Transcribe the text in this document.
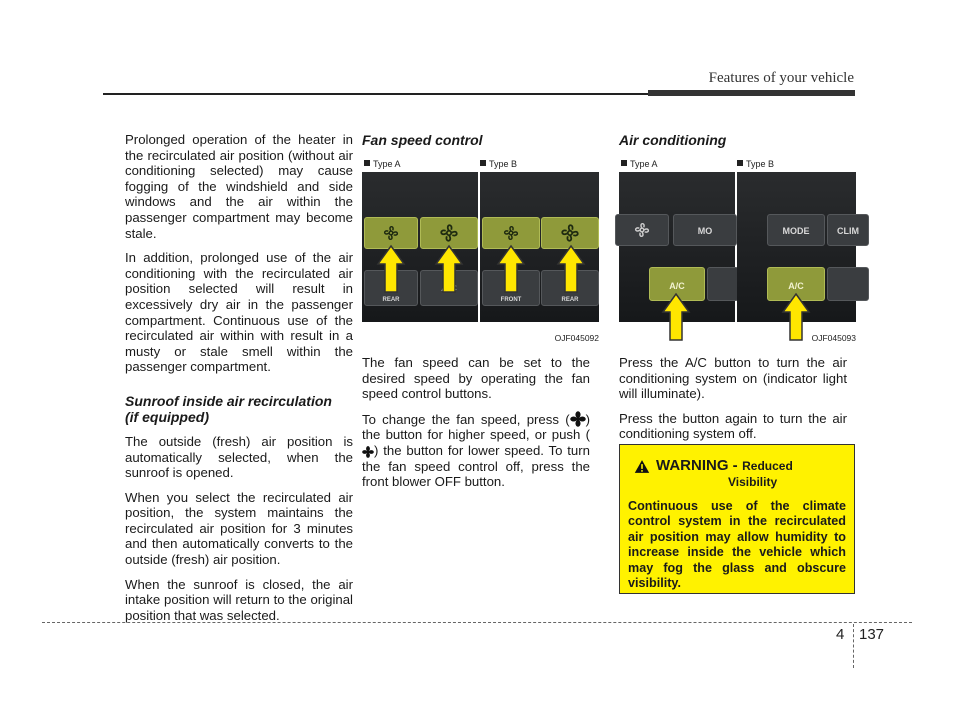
Features of your vehicle

Prolonged operation of the heater in the recirculated air position (without air conditioning selected) may cause fogging of the windshield and side windows and the air within the passenger compartment may become stale.

In addition, prolonged use of the air conditioning with the recirculated air position selected will result in excessively dry air in the passenger compartment. Continuous use of the recirculated air within with result in a musty or stale smell within the passenger compartment.

Sunroof inside air recirculation
(if equipped)

The outside (fresh) air position is automatically selected, when the sunroof is opened.

When you select the recirculated air position, the system maintains the recirculated air position for 3 minutes and then automatically converts to the outside (fresh) air position.

When the sunroof is closed, the air intake position will return to the original position that was selected.

Fan speed control
Type A	Type B
REAR	FRONT	REAR
OJF045092

The fan speed can be set to the desired speed by operating the fan speed control buttons.

To change the fan speed, press ( ) the button for higher speed, or push () the button for lower speed. To turn the fan speed control off, press the front blower OFF button.

Air conditioning
Type A	Type B
MO
A/C
MODE	CLIM
A/C
OJF045093

Press the A/C button to turn the air conditioning system on (indicator light will illuminate).

Press the button again to turn the air conditioning system off.

WARNING - Reduced
Visibility
Continuous use of the climate control system in the recirculated air position may allow humidity to increase inside the vehicle which may fog the glass and obscure visibility.
4 137
